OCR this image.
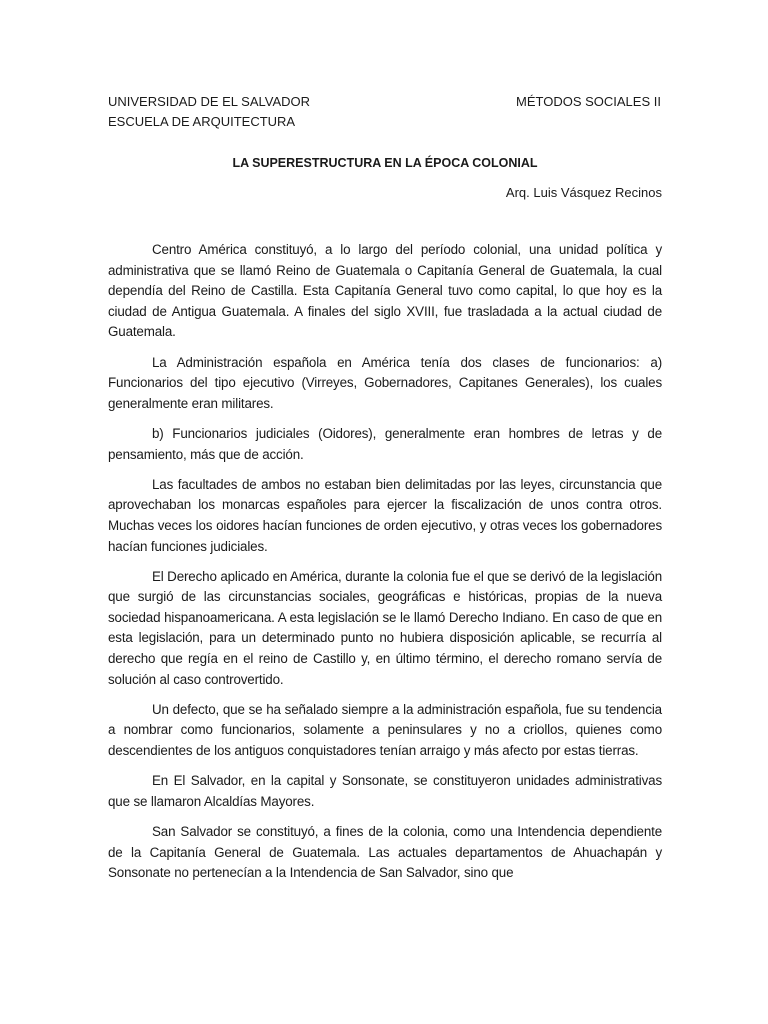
UNIVERSIDAD DE EL SALVADOR
ESCUELA DE ARQUITECTURA
MÉTODOS SOCIALES II
LA SUPERESTRUCTURA EN LA ÉPOCA COLONIAL
Arq. Luis Vásquez Recinos

Centro América constituyó, a lo largo del período colonial, una unidad política y administrativa que se llamó Reino de Guatemala o Capitanía General de Guatemala, la cual dependía del Reino de Castilla. Esta Capitanía General tuvo como capital, lo que hoy es la ciudad de Antigua Guatemala. A finales del siglo XVIII, fue trasladada a la actual ciudad de Guatemala.

La Administración española en América tenía dos clases de funcionarios: a) Funcionarios del tipo ejecutivo (Virreyes, Gobernadores, Capitanes Generales), los cuales generalmente eran militares.

b) Funcionarios judiciales (Oidores), generalmente eran hombres de letras y de pensamiento, más que de acción.

Las facultades de ambos no estaban bien delimitadas por las leyes, circunstancia que aprovechaban los monarcas españoles para ejercer la fiscalización de unos contra otros. Muchas veces los oidores hacían funciones de orden ejecutivo, y otras veces los gobernadores hacían funciones judiciales.

El Derecho aplicado en América, durante la colonia fue el que se derivó de la legislación que surgió de las circunstancias sociales, geográficas e históricas, propias de la nueva sociedad hispanoamericana. A esta legislación se le llamó Derecho Indiano. En caso de que en esta legislación, para un determinado punto no hubiera disposición aplicable, se recurría al derecho que regía en el reino de Castillo y, en último término, el derecho romano servía de solución al caso controvertido.

Un defecto, que se ha señalado siempre a la administración española, fue su tendencia a nombrar como funcionarios, solamente a peninsulares y no a criollos, quienes como descendientes de los antiguos conquistadores tenían arraigo y más afecto por estas tierras.

En El Salvador, en la capital y Sonsonate, se constituyeron unidades administrativas que se llamaron Alcaldías Mayores.

San Salvador se constituyó, a fines de la colonia, como una Intendencia dependiente de la Capitanía General de Guatemala. Las actuales departamentos de Ahuachapán y Sonsonate no pertenecían a la Intendencia de San Salvador, sino que
